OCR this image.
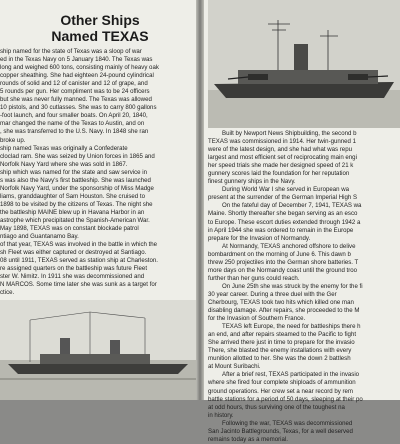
Other Ships
Named TEXAS
ship named for the state of Texas was a sloop of war
ed in the Texas Navy on 5 January 1840. The Texas was
long and weighed 600 tons, consisting mainly of heavy oak
copper sheathing. She had eighteen 24-pound cylindrical
rounds of solid and 12 of canister and 12 of grape, and
5 rounds per gun. Her compliment was to be 24 officers
but she was never fully manned. The Texas was allowed
10 pistols, and 30 cutlasses. She was to carry 800 gallons
-foot launch, and four smaller boats. On April 20, 1840,
mar changed the name of the Texas to Austin, and on
, she was transferred to the U.S. Navy. In 1848 she ran
broke up.
ship named Texas was originally a Confederate
cloclad ram. She was seized by Union forces in 1865 and
Norfolk Navy Yard where she was sold in 1867.
ship which was named for the state and saw service in
s was also the Navy's first battleship. She was launched
Norfolk Navy Yard, under the sponsorship of Miss Madge
liams, granddaughter of Sam Houston. She cruised to
1898 to be visited by the citizens of Texas. The night she
the battleship MAINE blew up in Havana Harbor in an
astrophe which precipitated the Spanish-American War.
May 1898, TEXAS was on constant blockade patrol
ntiago and Guantanamo Bay.
of that year, TEXAS was involved in the battle in which the
sh Fleet was either captured or destroyed at Santiago.
08 until 1911, TEXAS served as station ship at Charleston.
re assigned quarters on the battleship was future Fleet
ster W. Nimitz. In 1911 she was decommissioned and
N MARCOS. Some time later she was sunk as a target for
ctice.
Built by Newport News Shipbuilding, the second b
TEXAS was commissioned in 1914. Her twin-gunned 1
were of the latest design, and she had what was repu
largest and most efficient set of reciprocating main engi
her speed trials she made her designed speed of 21 k
gunnery scores laid the foundation for her reputation
finest gunnery ships in the Navy.
During World War I she served in European wa
present at the surrender of the German Imperial High S
On the fateful day of December 7, 1941, TEXAS wa
Maine. Shortly thereafter she began serving as an esco
to Europe. These escort duties extended through 1942 a
in April 1944 she was ordered to remain in the Europe
prepare for the Invasion of Normandy.
At Normandy, TEXAS anchored offshore to delive
bombardment on the morning of June 6. This dawn b
threw 250 projectiles into the German shore batteries. T
more days on the Normandy coast until the ground troo
further than her guns could reach.
On June 25th she was struck by the enemy for the fi
30 year career. During a three duel with the Ger
Cherbourg, TEXAS took two hits which killed one man
disabling damage. After repairs, she proceeded to the M
for the Invasion of Southern France.
TEXAS left Europe, the need for battleships there h
an end, and after repairs steamed to the Pacific to fight
She arrived there just in time to prepare for the invasio
There, she blasted the enemy installations with every
munition allotted to her. She was the down 2 battlesh
at Mount Suribachi.
After a brief rest, TEXAS participated in the invasio
where she fired four complete shiploads of ammunition
ground operations. Her crew set a near record by rem
battle stations for a period of 50 days, sleeping at their po
at odd hours, thus surviving one of the toughest na
in history.
Following the war, TEXAS was decommissioned
San Jacinto Battlegrounds, Texas, for a well deserved
remains today as a memorial.
